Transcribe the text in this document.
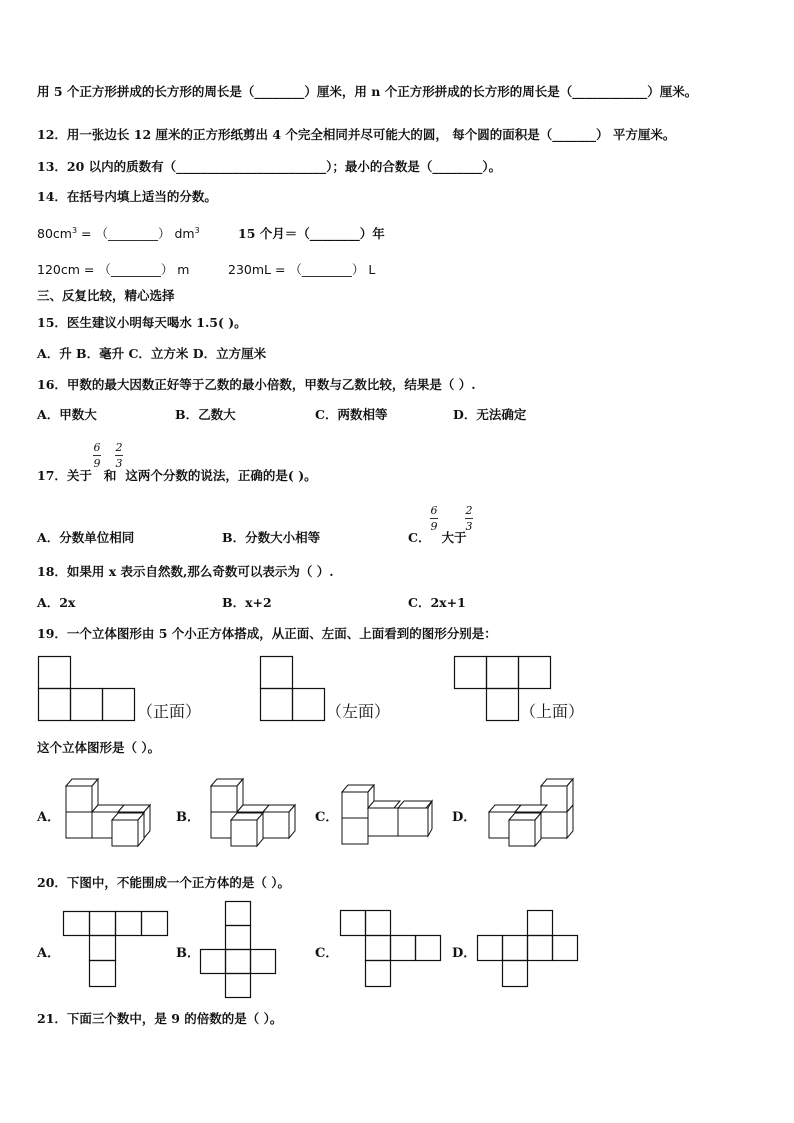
用 5 个正方形拼成的长方形的周长是（________）厘米，用 n 个正方形拼成的长方形的周长是（____________）厘米。
12．用一张边长 12 厘米的正方形纸剪出 4 个完全相同并尽可能大的圆， 每个圆的面积是（_______） 平方厘米。
13．20 以内的质数有（________________________）；最小的合数是（________）。
14．在括号内填上适当的分数。
$80cm^3$ = （________） $dm^3$	15 个月＝（________）年
120cm = （________） m	230mL = （________） L
三、反复比较，精心选择
15．医生建议小明每天喝水 1.5( )。
A．升 B．毫升 C．立方米 D．立方厘米
16．甲数的最大因数正好等于乙数的最小倍数，甲数与乙数比较，结果是（ ）.
A．甲数大	B．乙数大	C．两数相等	D．无法确定
17．关于 和 这两个分数的说法，正确的是( )。
6
9
2
3
A．分数单位相同	B．分数大小相等	C． 大于
6
9
2
3
18．如果用 x 表示自然数,那么奇数可以表示为（ ）.
A．2x	B．x+2	C．2x+1
19．一个立体图形由 5 个小正方体搭成，从正面、左面、上面看到的图形分别是：
（正面）	（左面）	（上面）
这个立体图形是（ ）。
A．	B．	C．	D．
20．下图中，不能围成一个正方体的是（ ）。
A．	B．	C．	D．
21．下面三个数中，是 9 的倍数的是（ ）。
